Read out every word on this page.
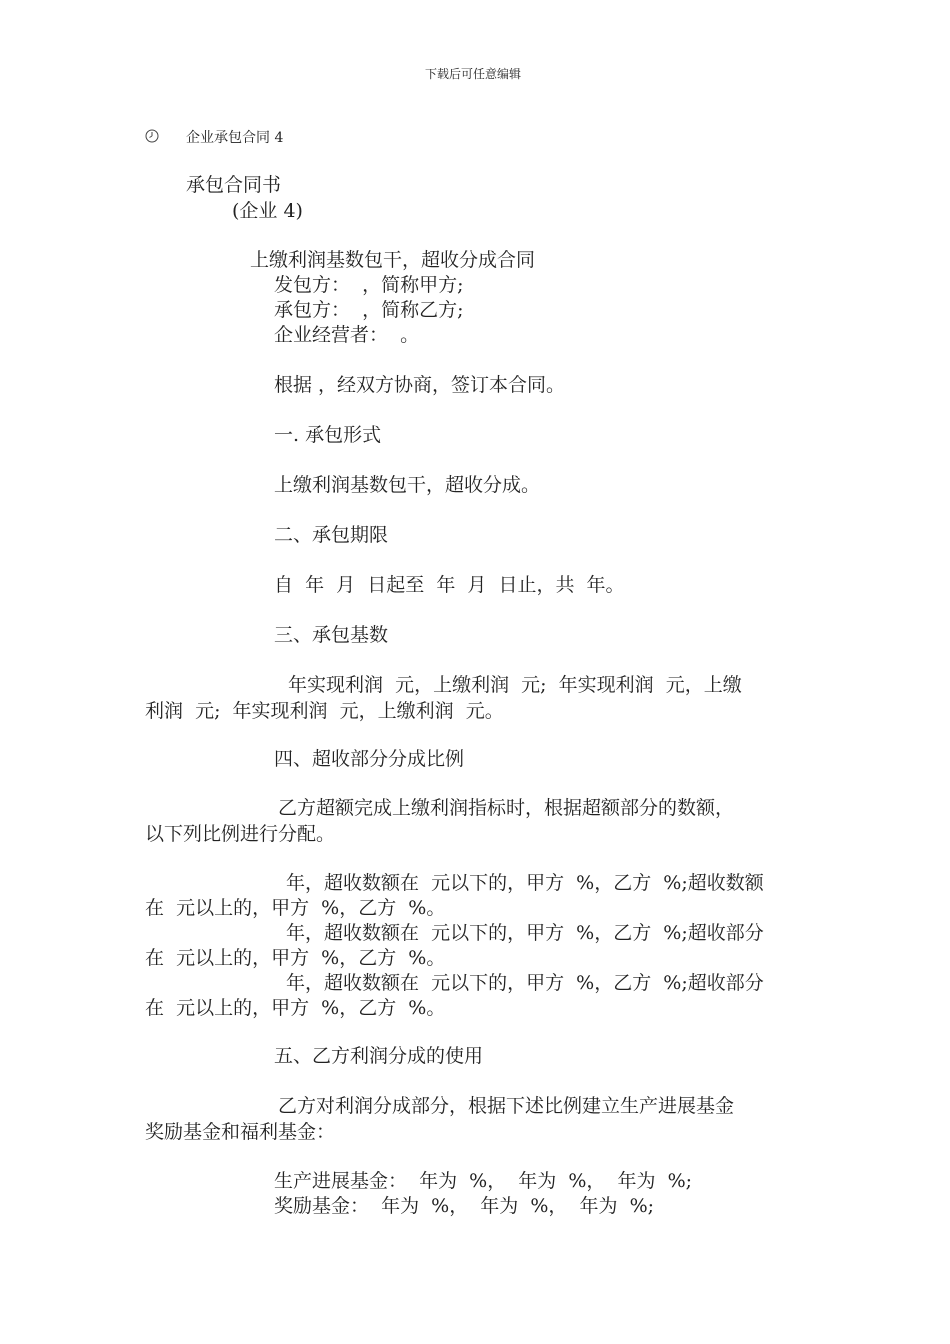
下载后可任意编辑
企业承包合同 4
承包合同书
(企业 4)
上缴利润基数包干，超收分成合同
发包方：  ，简称甲方;
承包方：  ，简称乙方;
企业经营者：  。
根据 ，经双方协商，签订本合同。
一. 承包形式
上缴利润基数包干，超收分成。
二、承包期限
自  年  月  日起至  年  月  日止，共  年。
三、承包基数
年实现利润  元，上缴利润  元;  年实现利润  元，上缴
利润  元;  年实现利润  元，上缴利润  元。
四、超收部分分成比例
乙方超额完成上缴利润指标时，根据超额部分的数额，
以下列比例进行分配。
年，超收数额在  元以下的，甲方  %，乙方  %;超收数额
在  元以上的，甲方  %，乙方  %。
年，超收数额在  元以下的，甲方  %，乙方  %;超收部分
在  元以上的，甲方  %，乙方  %。
年，超收数额在  元以下的，甲方  %，乙方  %;超收部分
在  元以上的，甲方  %，乙方  %。
五、乙方利润分成的使用
乙方对利润分成部分，根据下述比例建立生产进展基金
奖励基金和福利基金：
生产进展基金：  年为  %，  年为  %，  年为  %;
奖励基金：  年为  %，  年为  %，  年为  %;
